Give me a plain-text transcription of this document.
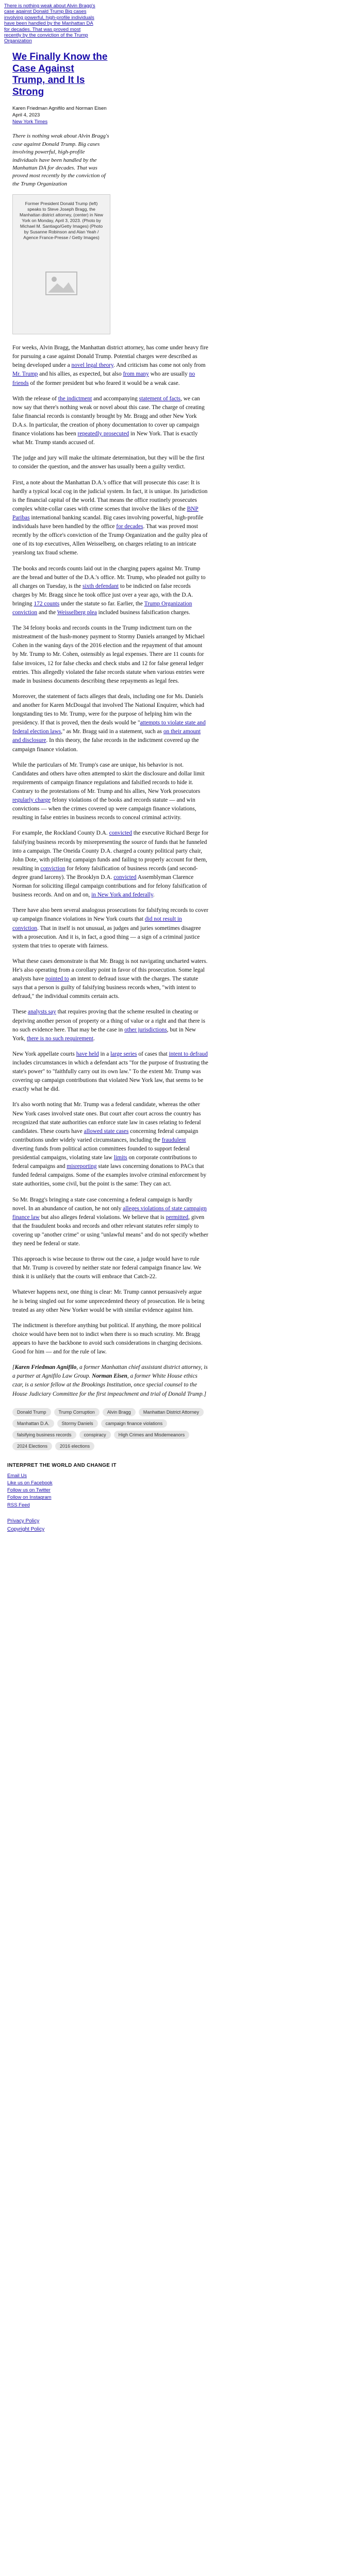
There is nothing weak about Alvin Bragg's case against Donald Trump Big cases involving powerful, high-profile individuals have been handled by the Manhattan DA for decades. That was proved most recently by the conviction of the Trump Organization
We Finally Know the Case Against Trump, and It Is Strong
Karen Friedman Agnifilo and Norman Eisen
April 4, 2023
New York Times
There is nothing weak about Alvin Bragg's case against Donald Trump. Big cases involving powerful, high-profile individuals have been handled by the Manhattan DA for decades. That was proved most recently by the conviction of the Trump Organization
Former President Donald Trump (left) speaks to Steve Joseph Bragg, the Manhattan district attorney, (center) in New York on Monday, April 3, 2023. (Photo by Michael M. Santiago/Getty Images) (Photo by Susanne Robinson and Alan Yeah / Agence France-Presse / Getty Images)

For weeks, Alvin Bragg, the Manhattan district attorney, has come under heavy fire for pursuing a case against Donald Trump. Potential charges were described as being developed under a novel legal theory. And criticism has come not only from Mr. Trump and his allies, as expected, but also from many who are usually no friends of the former president but who feared it would be a weak case.

With the release of the indictment and accompanying statement of facts, we can now say that there's nothing weak or novel about this case. The charge of creating false financial records is constantly brought by Mr. Bragg and other New York D.A.s. In particular, the creation of phony documentation to cover up campaign finance violations has been repeatedly prosecuted in New York. That is exactly what Mr. Trump stands accused of.

The judge and jury will make the ultimate determination, but they will be the first to consider the question, and the answer has usually been a guilty verdict.

First, a note about the Manhattan D.A.'s office that will prosecute this case: It is hardly a typical local cog in the judicial system. In fact, it is unique. Its jurisdiction is the financial capital of the world. That means the office routinely prosecutes complex white-collar cases with crime scenes that involve the likes of the BNP Paribas international banking scandal. Big cases involving powerful, high-profile individuals have been handled by the office for decades. That was proved most recently by the office's conviction of the Trump Organization and the guilty plea of one of its top executives, Allen Weisselberg, on charges relating to an intricate yearslong tax fraud scheme.

The books and records counts laid out in the charging papers against Mr. Trump are the bread and butter of the D.A.'s office. Mr. Trump, who pleaded not guilty to all charges on Tuesday, is the sixth defendant to be indicted on false records charges by Mr. Bragg since he took office just over a year ago, with the D.A. bringing 172 counts under the statute so far. Earlier, the Trump Organization conviction and the Weisselberg plea included business falsification charges.

The 34 felony books and records counts in the Trump indictment turn on the mistreatment of the hush-money payment to Stormy Daniels arranged by Michael Cohen in the waning days of the 2016 election and the repayment of that amount by Mr. Trump to Mr. Cohen, ostensibly as legal expenses. There are 11 counts for false invoices, 12 for false checks and check stubs and 12 for false general ledger entries. This allegedly violated the false records statute when various entries were made in business documents describing these repayments as legal fees.

Moreover, the statement of facts alleges that deals, including one for Ms. Daniels and another for Karen McDougal that involved The National Enquirer, which had longstanding ties to Mr. Trump, were for the purpose of helping him win the presidency. If that is proved, then the deals would be "attempts to violate state and federal election laws," as Mr. Bragg said in a statement, such as on their amount and disclosure. In this theory, the false records in the indictment covered up the campaign finance violation.

While the particulars of Mr. Trump's case are unique, his behavior is not. Candidates and others have often attempted to skirt the disclosure and dollar limit requirements of campaign finance regulations and falsified records to hide it. Contrary to the protestations of Mr. Trump and his allies, New York prosecutors regularly charge felony violations of the books and records statute — and win convictions — when the crimes covered up were campaign finance violations, resulting in false entries in business records to conceal criminal activity.

For example, the Rockland County D.A. convicted the executive Richard Berge for falsifying business records by misrepresenting the source of funds that he funneled into a campaign. The Oneida County D.A. charged a county political party chair, John Dote, with pilfering campaign funds and failing to properly account for them, resulting in conviction for felony falsification of business records (and second-degree grand larceny). The Brooklyn D.A. convicted Assemblyman Clarence Norman for soliciting illegal campaign contributions and for felony falsification of business records. And on and on, in New York and federally.

There have also been several analogous prosecutions for falsifying records to cover up campaign finance violations in New York courts that did not result in conviction. That in itself is not unusual, as judges and juries sometimes disagree with a prosecution. And it is, in fact, a good thing — a sign of a criminal justice system that tries to operate with fairness.

What these cases demonstrate is that Mr. Bragg is not navigating uncharted waters. He's also operating from a corollary point in favor of this prosecution. Some legal analysts have pointed to an intent to defraud issue with the charges. The statute says that a person is guilty of falsifying business records when, "with intent to defraud," the individual commits certain acts.

These analysts say that requires proving that the scheme resulted in cheating or depriving another person of property or a thing of value or a right and that there is no such evidence here. That may be the case in other jurisdictions, but in New York, there is no such requirement.

New York appellate courts have held in a large series of cases that intent to defraud includes circumstances in which a defendant acts "for the purpose of frustrating the state's power" to "faithfully carry out its own law." To the extent Mr. Trump was covering up campaign contributions that violated New York law, that seems to be exactly what he did.

It's also worth noting that Mr. Trump was a federal candidate, whereas the other New York cases involved state ones. But court after court across the country has recognized that state authorities can enforce state law in cases relating to federal candidates. These courts have allowed state cases concerning federal campaign contributions under widely varied circumstances, including the fraudulent diverting funds from political action committees founded to support federal presidential campaigns, violating state law limits on corporate contributions to federal campaigns and misreporting state laws concerning donations to PACs that funded federal campaigns. Some of the examples involve criminal enforcement by state authorities, some civil, but the point is the same: They can act.

So Mr. Bragg's bringing a state case concerning a federal campaign is hardly novel. In an abundance of caution, he not only alleges violations of state campaign finance law but also alleges federal violations. We believe that is permitted, given that the fraudulent books and records and other relevant statutes refer simply to covering up "another crime" or using "unlawful means" and do not specify whether they need be federal or state.

This approach is wise because to throw out the case, a judge would have to rule that Mr. Trump is covered by neither state nor federal campaign finance law. We think it is unlikely that the courts will embrace that Catch-22.

Whatever happens next, one thing is clear: Mr. Trump cannot persuasively argue he is being singled out for some unprecedented theory of prosecution. He is being treated as any other New Yorker would be with similar evidence against him.

The indictment is therefore anything but political. If anything, the more political choice would have been not to indict when there is so much scrutiny. Mr. Bragg appears to have the backbone to avoid such considerations in charging decisions. Good for him — and for the rule of law.

[Karen Friedman Agnifilo, a former Manhattan chief assistant district attorney, is a partner at Agnifilo Law Group. Norman Eisen, a former White House ethics czar, is a senior fellow at the Brookings Institution, once special counsel to the House Judiciary Committee for the first impeachment and trial of Donald Trump.]

Donald Trump	Trump Corruption	Alvin Bragg	Manhattan District Attorney
Manhattan D.A.	Stormy Daniels	campaign finance violations
falsifying business records	conspiracy	High Crimes and Misdemeanors
2024 Elections	2016 elections
INTERPRET THE WORLD AND CHANGE IT
Email Us
Like us on Facebook
Follow us on Twitter
Follow on Instagram
RSS Feed
Privacy Policy
Copyright Policy
